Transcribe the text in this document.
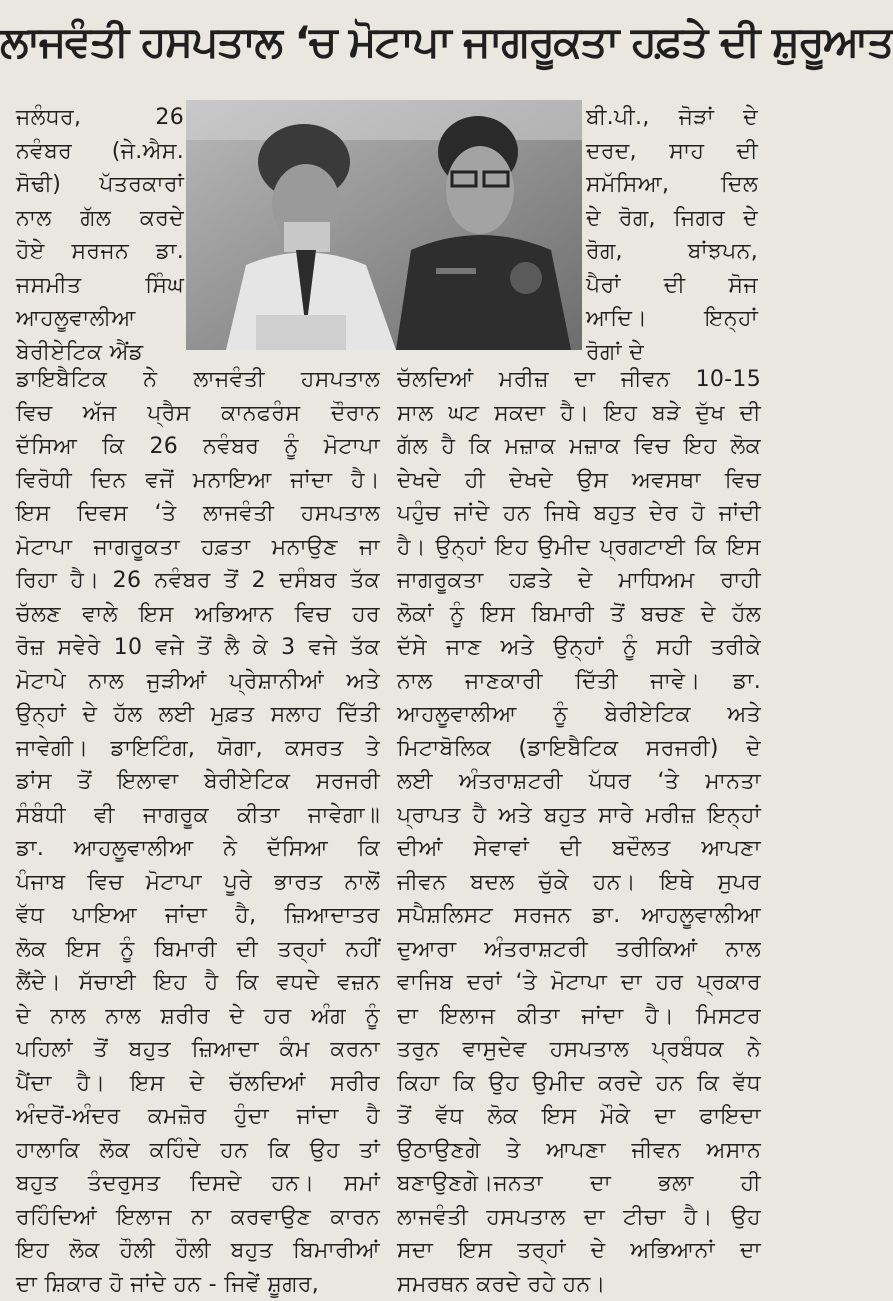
ਲਾਜਵੰਤੀ ਹਸਪਤਾਲ ‘ਚ ਮੋਟਾਪਾ ਜਾਗਰੂਕਤਾ ਹਫ਼ਤੇ ਦੀ ਸ਼ੁਰੂਆਤ
ਜਲੰਧਰ, 26
ਨਵੰਬਰ (ਜੇ.ਐਸ.
ਸੋਢੀ) ਪੱਤਰਕਾਰਾਂ
ਨਾਲ ਗੱਲ ਕਰਦੇ
ਹੋਏ ਸਰਜਨ ਡਾ.
ਜਸਮੀਤ ਸਿੰਘ
ਆਹਲੂਵਾਲੀਆ
ਬੇਰੀਏਟਿਕ ਐਂਡ
ਬੀ.ਪੀ., ਜੋੜਾਂ ਦੇ
ਦਰਦ, ਸਾਹ ਦੀ
ਸਮੱਸਿਆ, ਦਿਲ
ਦੇ ਰੋਗ, ਜਿਗਰ ਦੇ
ਰੋਗ, ਬਾਂਝਪਨ,
ਪੈਰਾਂ ਦੀ ਸੋਜ
ਆਦਿ। ਇਨ੍ਹਾਂ
ਰੋਗਾਂ ਦੇ
ਡਾਇਬੈਟਿਕ ਨੇ ਲਾਜਵੰਤੀ ਹਸਪਤਾਲ
ਵਿਚ ਅੱਜ ਪ੍ਰੈਸ ਕਾਨਫਰੰਸ ਦੌਰਾਨ
ਦੱਸਿਆ ਕਿ 26 ਨਵੰਬਰ ਨੂੰ ਮੋਟਾਪਾ
ਵਿਰੋਧੀ ਦਿਨ ਵਜੋਂ ਮਨਾਇਆ ਜਾਂਦਾ ਹੈ।
ਇਸ ਦਿਵਸ ‘ਤੇ ਲਾਜਵੰਤੀ ਹਸਪਤਾਲ
ਮੋਟਾਪਾ ਜਾਗਰੂਕਤਾ ਹਫ਼ਤਾ ਮਨਾਉਣ ਜਾ
ਰਿਹਾ ਹੈ। 26 ਨਵੰਬਰ ਤੋਂ 2 ਦਸੰਬਰ ਤੱਕ
ਚੱਲਣ ਵਾਲੇ ਇਸ ਅਭਿਆਨ ਵਿਚ ਹਰ
ਰੋਜ਼ ਸਵੇਰੇ 10 ਵਜੇ ਤੋਂ ਲੈ ਕੇ 3 ਵਜੇ ਤੱਕ
ਮੋਟਾਪੇ ਨਾਲ ਜੁੜੀਆਂ ਪ੍ਰੇਸ਼ਾਨੀਆਂ ਅਤੇ
ਉਨ੍ਹਾਂ ਦੇ ਹੱਲ ਲਈ ਮੁਫ਼ਤ ਸਲਾਹ ਦਿੱਤੀ
ਜਾਵੇਗੀ। ਡਾਇਟਿੰਗ, ਯੋਗਾ, ਕਸਰਤ ਤੇ
ਡਾਂਸ ਤੋਂ ਇਲਾਵਾ ਬੇਰੀਏਟਿਕ ਸਰਜਰੀ
ਸੰਬੰਧੀ ਵੀ ਜਾਗਰੂਕ ਕੀਤਾ ਜਾਵੇਗਾ॥
ਡਾ. ਆਹਲੂਵਾਲੀਆ ਨੇ ਦੱਸਿਆ ਕਿ
ਪੰਜਾਬ ਵਿਚ ਮੋਟਾਪਾ ਪੂਰੇ ਭਾਰਤ ਨਾਲੋਂ
ਵੱਧ ਪਾਇਆ ਜਾਂਦਾ ਹੈ, ਜ਼ਿਆਦਾਤਰ
ਲੋਕ ਇਸ ਨੂੰ ਬਿਮਾਰੀ ਦੀ ਤਰ੍ਹਾਂ ਨਹੀਂ
ਲੈਂਦੇ। ਸੱਚਾਈ ਇਹ ਹੈ ਕਿ ਵਧਦੇ ਵਜ਼ਨ
ਦੇ ਨਾਲ ਨਾਲ ਸ਼ਰੀਰ ਦੇ ਹਰ ਅੰਗ ਨੂੰ
ਪਹਿਲਾਂ ਤੋਂ ਬਹੁਤ ਜ਼ਿਆਦਾ ਕੰਮ ਕਰਨਾ
ਪੈਂਦਾ ਹੈ। ਇਸ ਦੇ ਚੱਲਦਿਆਂ ਸਰੀਰ
ਅੰਦਰੋਂ-ਅੰਦਰ ਕਮਜ਼ੋਰ ਹੁੰਦਾ ਜਾਂਦਾ ਹੈ
ਹਾਲਾਕਿ ਲੋਕ ਕਹਿੰਦੇ ਹਨ ਕਿ ਉਹ ਤਾਂ
ਬਹੁਤ ਤੰਦਰੁਸਤ ਦਿਸਦੇ ਹਨ। ਸਮਾਂ
ਰਹਿੰਦਿਆਂ ਇਲਾਜ ਨਾ ਕਰਵਾਉਣ ਕਾਰਨ
ਇਹ ਲੋਕ ਹੌਲੀ ਹੌਲੀ ਬਹੁਤ ਬਿਮਾਰੀਆਂ
ਦਾ ਸ਼ਿਕਾਰ ਹੋ ਜਾਂਦੇ ਹਨ - ਜਿਵੇਂ ਸ਼ੂਗਰ,
ਚੱਲਦਿਆਂ ਮਰੀਜ਼ ਦਾ ਜੀਵਨ 10-15
ਸਾਲ ਘਟ ਸਕਦਾ ਹੈ। ਇਹ ਬੜੇ ਦੁੱਖ ਦੀ
ਗੱਲ ਹੈ ਕਿ ਮਜ਼ਾਕ ਮਜ਼ਾਕ ਵਿਚ ਇਹ ਲੋਕ
ਦੇਖਦੇ ਹੀ ਦੇਖਦੇ ਉਸ ਅਵਸਥਾ ਵਿਚ
ਪਹੁੰਚ ਜਾਂਦੇ ਹਨ ਜਿਥੇ ਬਹੁਤ ਦੇਰ ਹੋ ਜਾਂਦੀ
ਹੈ। ਉਨ੍ਹਾਂ ਇਹ ਉਮੀਦ ਪ੍ਰਗਟਾਈ ਕਿ ਇਸ
ਜਾਗਰੂਕਤਾ ਹਫ਼ਤੇ ਦੇ ਮਾਧਿਅਮ ਰਾਹੀ
ਲੋਕਾਂ ਨੂੰ ਇਸ ਬਿਮਾਰੀ ਤੋਂ ਬਚਣ ਦੇ ਹੱਲ
ਦੱਸੇ ਜਾਣ ਅਤੇ ਉਨ੍ਹਾਂ ਨੂੰ ਸਹੀ ਤਰੀਕੇ
ਨਾਲ ਜਾਣਕਾਰੀ ਦਿੱਤੀ ਜਾਵੇ। ਡਾ.
ਆਹਲੂਵਾਲੀਆ ਨੂੰ ਬੇਰੀਏਟਿਕ ਅਤੇ
ਮਿਟਾਬੋਲਿਕ (ਡਾਇਬੈਟਿਕ ਸਰਜਰੀ) ਦੇ
ਲਈ ਅੰਤਰਾਸ਼ਟਰੀ ਪੱਧਰ ‘ਤੇ ਮਾਨਤਾ
ਪ੍ਰਾਪਤ ਹੈ ਅਤੇ ਬਹੁਤ ਸਾਰੇ ਮਰੀਜ਼ ਇਨ੍ਹਾਂ
ਦੀਆਂ ਸੇਵਾਵਾਂ ਦੀ ਬਦੌਲਤ ਆਪਣਾ
ਜੀਵਨ ਬਦਲ ਚੁੱਕੇ ਹਨ। ਇਥੇ ਸੁਪਰ
ਸਪੈਸ਼ਲਿਸਟ ਸਰਜਨ ਡਾ. ਆਹਲੂਵਾਲੀਆ
ਦੁਆਰਾ ਅੰਤਰਾਸ਼ਟਰੀ ਤਰੀਕਿਆਂ ਨਾਲ
ਵਾਜਿਬ ਦਰਾਂ ‘ਤੇ ਮੋਟਾਪਾ ਦਾ ਹਰ ਪ੍ਰਕਾਰ
ਦਾ ਇਲਾਜ ਕੀਤਾ ਜਾਂਦਾ ਹੈ। ਮਿਸਟਰ
ਤਰੁਨ ਵਾਸੁਦੇਵ ਹਸਪਤਾਲ ਪ੍ਰਬੰਧਕ ਨੇ
ਕਿਹਾ ਕਿ ਉਹ ਉਮੀਦ ਕਰਦੇ ਹਨ ਕਿ ਵੱਧ
ਤੋਂ ਵੱਧ ਲੋਕ ਇਸ ਮੌਕੇ ਦਾ ਫਾਇਦਾ
ਉਠਾਉਣਗੇ ਤੇ ਆਪਣਾ ਜੀਵਨ ਅਸਾਨ
ਬਣਾਉਣਗੇ।ਜਨਤਾ ਦਾ ਭਲਾ ਹੀ
ਲਾਜਵੰਤੀ ਹਸਪਤਾਲ ਦਾ ਟੀਚਾ ਹੈ। ਉਹ
ਸਦਾ ਇਸ ਤਰ੍ਹਾਂ ਦੇ ਅਭਿਆਨਾਂ ਦਾ
ਸਮਰਥਨ ਕਰਦੇ ਰਹੇ ਹਨ।
